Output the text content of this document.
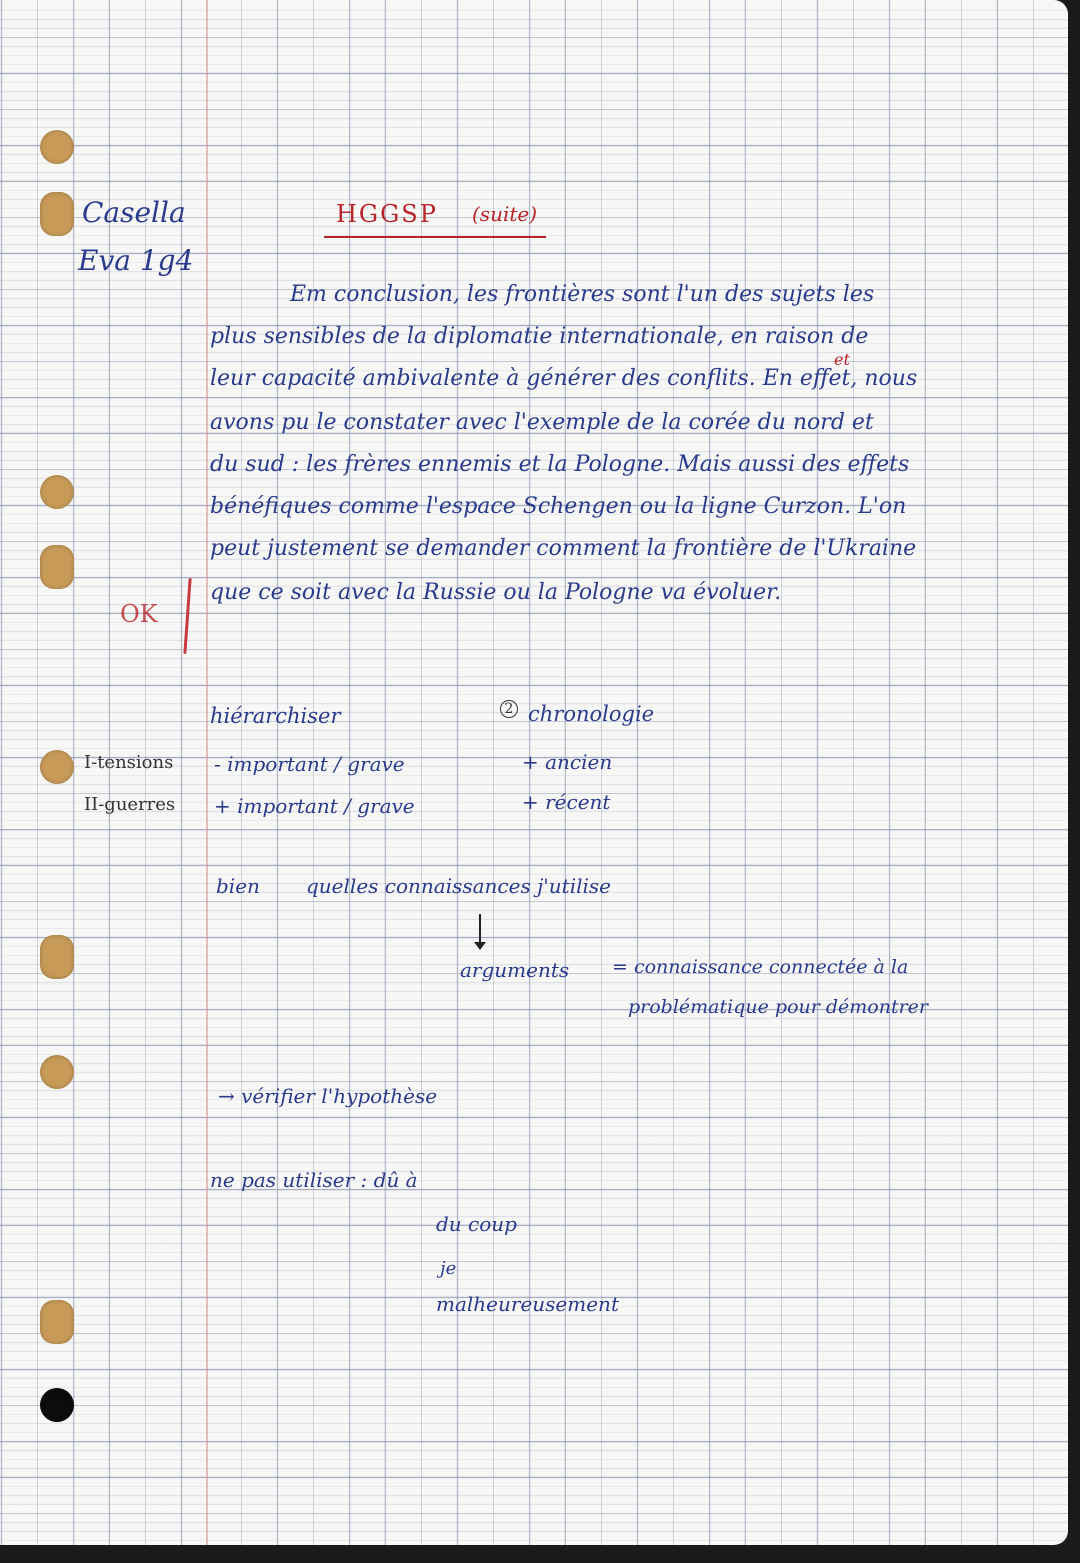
Casella
Eva 1g4
HGGSP (suite)
Em conclusion, les frontières sont l'un des sujets les
plus sensibles de la diplomatie internationale, en raison de
leur capacité ambivalente à générer des conflits. En effet, nous
et
avons pu le constater avec l'exemple de la corée du nord et
du sud : les frères ennemis et la Pologne. Mais aussi des effets
bénéfiques comme l'espace Schengen ou la ligne Curzon. L'on
peut justement se demander comment la frontière de l'Ukraine
que ce soit avec la Russie ou la Pologne va évoluer.
OK
hiérarchiser
I-tensions
II-guerres
- important / grave
+ important / grave
2 chronologie
+ ancien
+ récent
bien quelles connaissances j'utilise
arguments = connaissance connectée à la
problématique pour démontrer
→ vérifier l'hypothèse
ne pas utiliser : dû à
du coup
je
malheureusement
